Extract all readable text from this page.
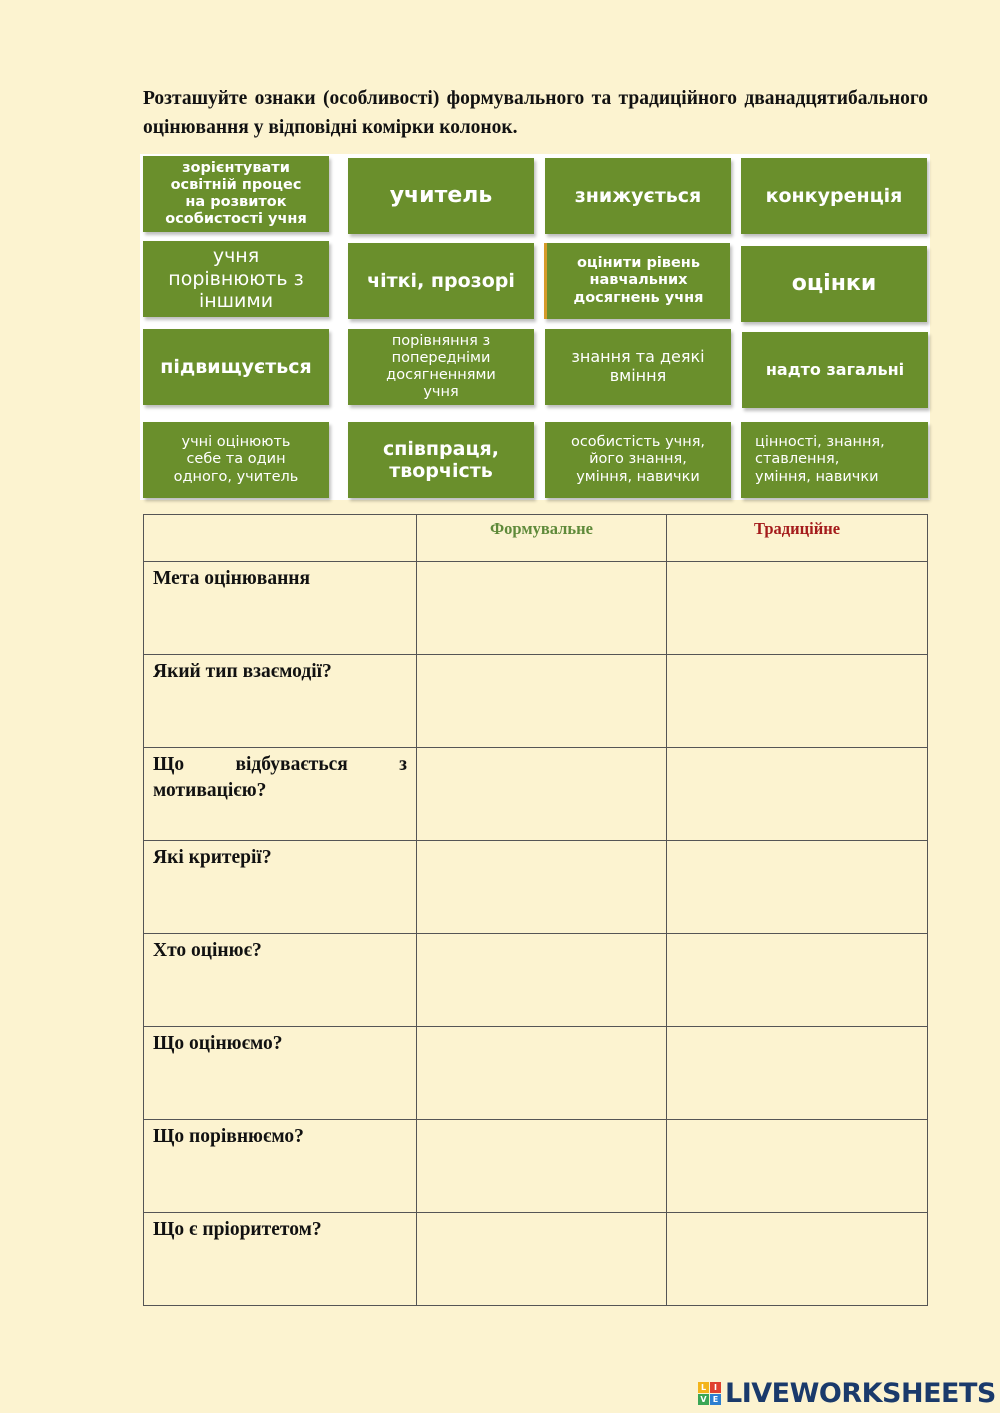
Розташуйте ознаки (особливості) формувального та традиційного дванадцятибального оцінювання у відповідні комірки колонок.
зорієнтувати
освітній процес
на розвиток
особистості учня
учитель	знижується	конкуренція
учня
порівнюють з
іншими
чіткі, прозорі
оцінити рівень
навчальних
досягнень учня
оцінки
підвищується
порівняння з
попередніми
досягненнями
учня
знання та деякі
вміння	надто загальні
учні оцінюють
себе та один
одного, учитель
співпраця,
творчість
особистість учня,
його знання,
уміння, навички
цінності, знання,
ставлення,
уміння, навички
	Формувальне	Традиційне
Мета оцінювання		
Який тип взаємодії?		
Що відбувається з мотивацією?		
Які критерії?		
Хто оцінює?		
Що оцінюємо?		
Що порівнюємо?		
Що є пріоритетом?		
L I
V E LIVEWORKSHEETS
